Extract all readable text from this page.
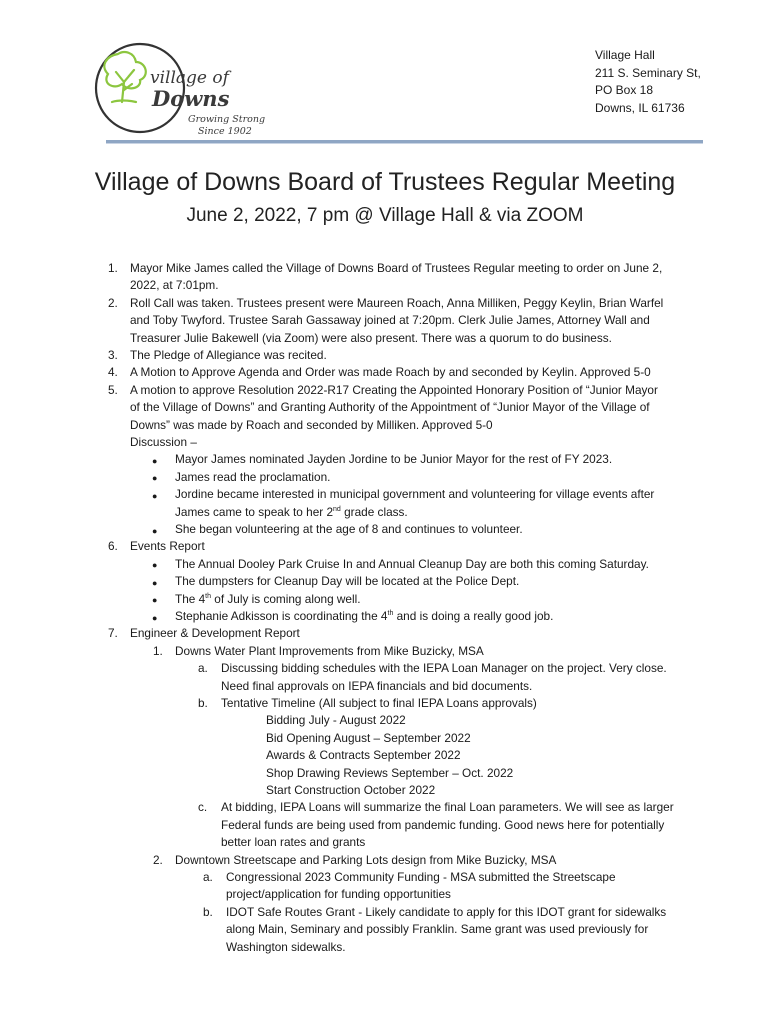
village of
Downs
Growing Strong
Since 1902
Village Hall
211 S. Seminary St,
PO Box 18
Downs, IL 61736
Village of Downs Board of Trustees Regular Meeting
June 2, 2022, 7 pm @ Village Hall & via ZOOM
1. Mayor Mike James called the Village of Downs Board of Trustees Regular meeting to order on June 2,
2022, at 7:01pm.
2. Roll Call was taken. Trustees present were Maureen Roach, Anna Milliken, Peggy Keylin, Brian Warfel
and Toby Twyford. Trustee Sarah Gassaway joined at 7:20pm. Clerk Julie James, Attorney Wall and
Treasurer Julie Bakewell (via Zoom) were also present. There was a quorum to do business.
3. The Pledge of Allegiance was recited.
4. A Motion to Approve Agenda and Order was made Roach by and seconded by Keylin. Approved 5-0
5. A motion to approve Resolution 2022-R17 Creating the Appointed Honorary Position of “Junior Mayor
of the Village of Downs” and Granting Authority of the Appointment of “Junior Mayor of the Village of
Downs” was made by Roach and seconded by Milliken. Approved 5-0
Discussion –
● Mayor James nominated Jayden Jordine to be Junior Mayor for the rest of FY 2023.
● James read the proclamation.
● Jordine became interested in municipal government and volunteering for village events after
James came to speak to her 2nd grade class.
● She began volunteering at the age of 8 and continues to volunteer.
6. Events Report
● The Annual Dooley Park Cruise In and Annual Cleanup Day are both this coming Saturday.
● The dumpsters for Cleanup Day will be located at the Police Dept.
● The 4th of July is coming along well.
● Stephanie Adkisson is coordinating the 4th and is doing a really good job.
7. Engineer & Development Report
1. Downs Water Plant Improvements from Mike Buzicky, MSA
a. Discussing bidding schedules with the IEPA Loan Manager on the project. Very close.
Need final approvals on IEPA financials and bid documents.
b. Tentative Timeline (All subject to final IEPA Loans approvals)
Bidding July - August 2022
Bid Opening August – September 2022
Awards & Contracts September 2022
Shop Drawing Reviews September – Oct. 2022
Start Construction October 2022
c. At bidding, IEPA Loans will summarize the final Loan parameters. We will see as larger
Federal funds are being used from pandemic funding. Good news here for potentially
better loan rates and grants
2. Downtown Streetscape and Parking Lots design from Mike Buzicky, MSA
a. Congressional 2023 Community Funding - MSA submitted the Streetscape
project/application for funding opportunities
b. IDOT Safe Routes Grant - Likely candidate to apply for this IDOT grant for sidewalks
along Main, Seminary and possibly Franklin. Same grant was used previously for
Washington sidewalks.
